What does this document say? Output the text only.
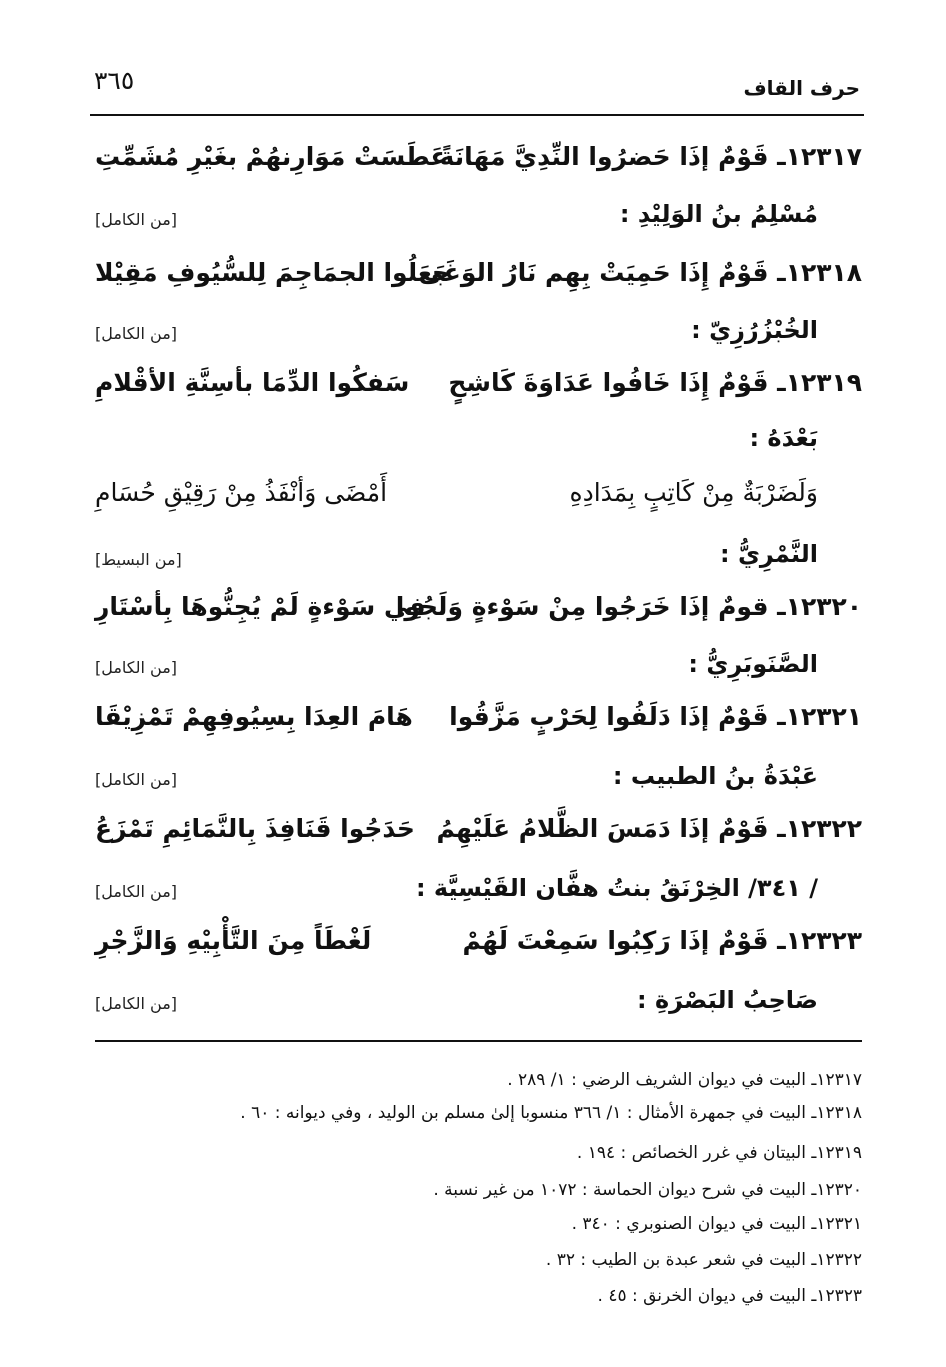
٣٦٥	حرف القاف
١٢٣١٧ـ قَوْمٌ إذَا حَضرُوا النِّدِيَّ مَهَانَةً
عَطَسَتْ مَوَارِنهُمْ بغَيْرِ مُشَمِّتِ
مُسْلِمُ بنُ الوَلِيْدِ :
[من الكامل]
١٢٣١٨ـ قَوْمٌ إِذَا حَمِيَتْ بِهِم نَارُ الوَغَى
جَعَلُوا الجمَاجِمَ لِلسُّيُوفِ مَقِيْلا
الخُبْزُرُزِيّ :
[من الكامل]
١٢٣١٩ـ قَوْمٌ إِذَا خَافُوا عَدَاوَةَ كَاشِحٍ
سَفكُوا الدِّمَا بأسِنَّةِ الأقْلامِ
بَعْدَهُ :
وَلَضَرْبَةٌ مِنْ كَاتِبٍ بِمَدَادِهِ
أَمْضَى وَأنْفَذُ مِنْ رَقِيْقِ حُسَامِ
النَّمْرِيُّ :
[من البسيط]
١٢٣٢٠ـ قومٌ إذَا خَرَجُوا مِنْ سَوْءةٍ وَلَجُوا
فِي سَوْءةٍ لَمْ يُجِنُّوهَا بِأسْتَارِ
الصَّنَوبَرِيُّ :
[من الكامل]
١٢٣٢١ـ قَوْمٌ إذَا دَلَفُوا لِحَرْبٍ مَزَّقُوا
هَامَ العِدَا بِسِيُوفِهِمْ تَمْزِيْقَا
عَبْدَةُ بنُ الطبيب :
[من الكامل]
١٢٣٢٢ـ قَوْمٌ إذَا دَمَسَ الظَّلامُ عَلَيْهِمُ
حَدَجُوا قَنَافِذَ بِالنَّمَائِمِ تَمْزَعُ
/ ٣٤١/ الخِرْنَقُ بنتُ هفَّان القَيْسِيَّة :
[من الكامل]
١٢٣٢٣ـ قَوْمٌ إذَا رَكِبُوا سَمِعْتَ لَهُمْ
لَغْطَاً مِنَ التَّأْبِيْهِ وَالزَّجْرِ
صَاحِبُ البَصْرَةِ :
[من الكامل]
١٢٣١٧ـ البيت في ديوان الشريف الرضي : ١/ ٢٨٩ .
١٢٣١٨ـ البيت في جمهرة الأمثال : ١/ ٣٦٦ منسوبا إلىٰ مسلم بن الوليد ، وفي ديوانه : ٦٠ .
١٢٣١٩ـ البيتان في غرر الخصائص : ١٩٤ .
١٢٣٢٠ـ البيت في شرح ديوان الحماسة : ١٠٧٢ من غير نسبة .
١٢٣٢١ـ البيت في ديوان الصنوبري : ٣٤٠ .
١٢٣٢٢ـ البيت في شعر عبدة بن الطيب : ٣٢ .
١٢٣٢٣ـ البيت في ديوان الخرنق : ٤٥ .
